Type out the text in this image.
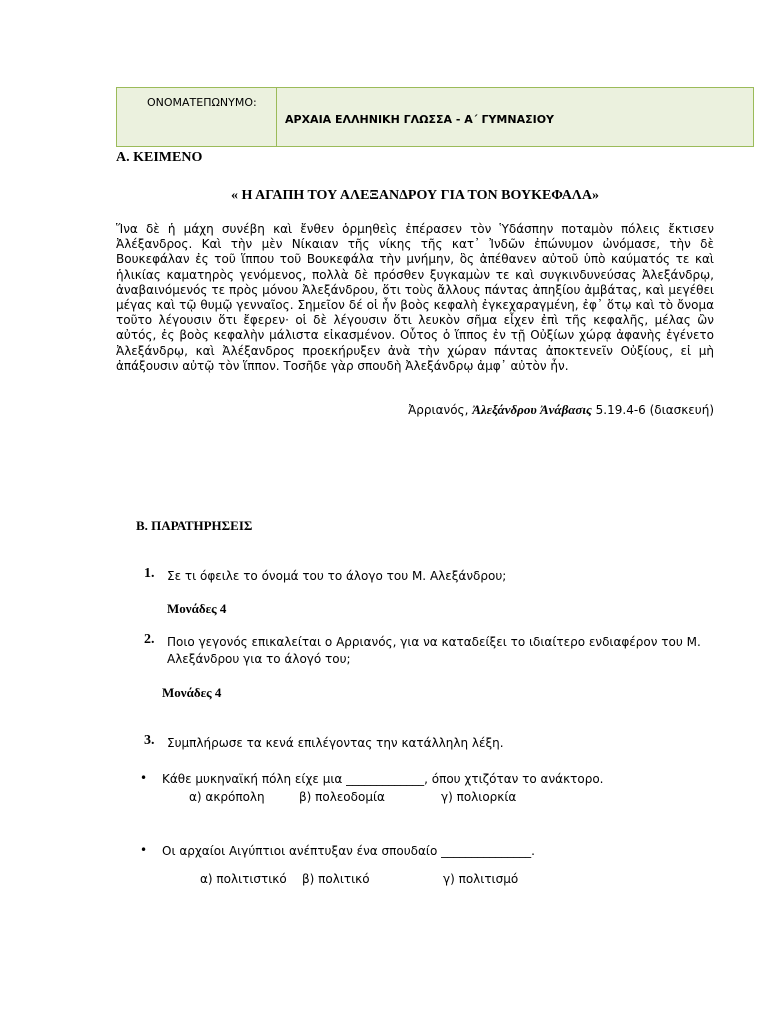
ΟΝΟΜΑΤΕΠΩΝΥΜΟ:
ΑΡΧΑΙΑ ΕΛΛΗΝΙΚΗ ΓΛΩΣΣΑ - Α΄ ΓΥΜΝΑΣΙΟΥ
Α. ΚΕΙΜΕΝΟ
« Η ΑΓΑΠΗ ΤΟΥ ΑΛΕΞΑΝΔΡΟΥ ΓΙΑ ΤΟΝ ΒΟΥΚΕΦΑΛΑ»
Ἵνα δὲ ἡ μάχη συνέβη καὶ ἔνθεν ὁρμηθεὶς ἐπέρασεν τὸν Ὑδάσπην ποταμὸν πόλεις ἔκτισεν Ἀλέξανδρος. Καὶ τὴν μὲν Νίκαιαν τῆς νίκης τῆς κατ᾽ Ἰνδῶν ἐπώνυμον ὠνόμασε, τὴν δὲ Βουκεφάλαν ἐς τοῦ ἵππου τοῦ Βουκεφάλα τὴν μνήμην, ὃς ἀπέθανεν αὐτοῦ ὑπὸ καύματός τε καὶ ἡλικίας καματηρὸς γενόμενος, πολλὰ δὲ πρόσθεν ξυγκαμὼν τε καὶ συγκινδυνεύσας Ἀλεξάνδρῳ, ἀναβαινόμενός τε πρὸς μόνου Ἀλεξάνδρου, ὅτι τοὺς ἄλλους πάντας ἀπηξίου ἀμβάτας, καὶ μεγέθει μέγας καὶ τῷ θυμῷ γενναῖος. Σημεῖον δέ οἱ ἦν βοὸς κεφαλὴ ἐγκεχαραγμένη, ἐφ᾽ ὅτῳ καὶ τὸ ὄνομα τοῦτο λέγουσιν ὅτι ἔφερεν· οἱ δὲ λέγουσιν ὅτι λευκὸν σῆμα εἶχεν ἐπὶ τῆς κεφαλῆς, μέλας ὢν αὐτός, ἐς βοὸς κεφαλὴν μάλιστα εἰκασμένον. Οὗτος ὁ ἵππος ἐν τῇ Οὐξίων χώρᾳ ἀφανὴς ἐγένετο Ἀλεξάνδρῳ, καὶ Ἀλέξανδρος προεκήρυξεν ἀνὰ τὴν χώραν πάντας ἀποκτενεῖν Οὐξίους, εἰ μὴ ἀπάξουσιν αὐτῷ τὸν ἵππον. Τοσῆδε γὰρ σπουδὴ Ἀλεξάνδρῳ ἀμφ᾽ αὐτὸν ἦν.
Ἀρριανός, Ἀλεξάνδρου Ἀνάβασις 5.19.4-6 (διασκευή)
Β. ΠΑΡΑΤΗΡΗΣΕΙΣ
1. Σε τι όφειλε το όνομά του το άλογο του Μ. Αλεξάνδρου;
Μονάδες 4
2. Ποιο γεγονός επικαλείται ο Αρριανός, για να καταδείξει το ιδιαίτερο ενδιαφέρον του Μ. Αλεξάνδρου για το άλογό του;
Μονάδες 4
3. Συμπλήρωσε τα κενά επιλέγοντας την κατάλληλη λέξη.
• Κάθε μυκηναϊκή πόλη είχε μια _____________, όπου χτιζόταν το ανάκτορο.
α) ακρόπολη	β) πολεοδομία	γ) πολιορκία
• Οι αρχαίοι Αιγύπτιοι ανέπτυξαν ένα σπουδαίο _______________.
α) πολιτιστικό β) πολιτικό	γ) πολιτισμό
